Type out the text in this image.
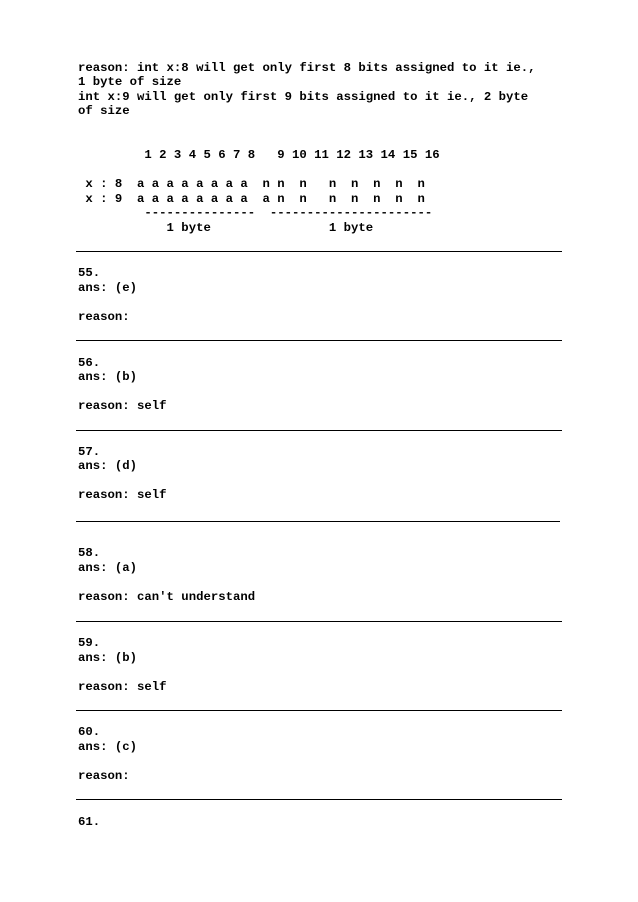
reason: int x:8 will get only first 8 bits assigned to it ie.,
1 byte of size
int x:9 will get only first 9 bits assigned to it ie., 2 byte
of size
1 2 3 4 5 6 7 8   9 10 11 12 13 14 15 16
x : 8  a a a a a a a a  n n  n   n  n  n  n  n
x : 9  a a a a a a a a  a n  n   n  n  n  n  n
---------------  ----------------------
1 byte                1 byte
55.
ans: (e)
reason:
56.
ans: (b)
reason: self
57.
ans: (d)
reason: self
58.
ans: (a)
reason: can't understand
59.
ans: (b)
reason: self
60.
ans: (c)
reason:
61.
